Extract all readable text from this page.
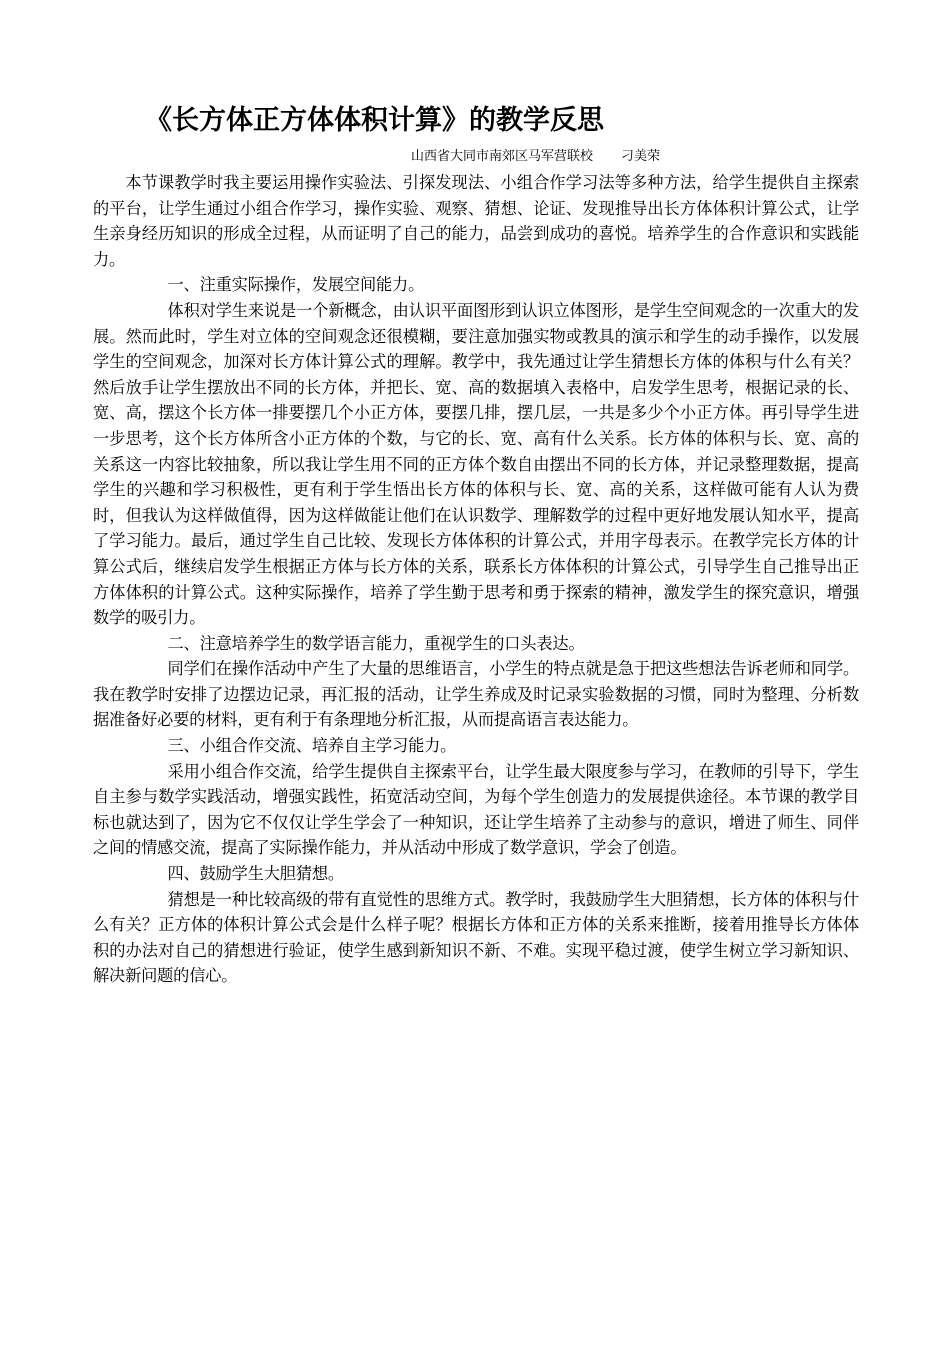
《长方体正方体体积计算》的教学反思
山西省大同市南郊区马军营联校 刁美荣

本节课教学时我主要运用操作实验法、引探发现法、小组合作学习法等多种方法，给学生提供自主探索的平台，让学生通过小组合作学习，操作实验、观察、猜想、论证、发现推导出长方体体积计算公式，让学生亲身经历知识的形成全过程，从而证明了自己的能力，品尝到成功的喜悦。培养学生的合作意识和实践能力。

一、注重实际操作，发展空间能力。

体积对学生来说是一个新概念，由认识平面图形到认识立体图形，是学生空间观念的一次重大的发展。然而此时，学生对立体的空间观念还很模糊，要注意加强实物或教具的演示和学生的动手操作，以发展学生的空间观念，加深对长方体计算公式的理解。教学中，我先通过让学生猜想长方体的体积与什么有关？然后放手让学生摆放出不同的长方体，并把长、宽、高的数据填入表格中，启发学生思考，根据记录的长、宽、高，摆这个长方体一排要摆几个小正方体，要摆几排，摆几层，一共是多少个小正方体。再引导学生进一步思考，这个长方体所含小正方体的个数，与它的长、宽、高有什么关系。长方体的体积与长、宽、高的关系这一内容比较抽象，所以我让学生用不同的正方体个数自由摆出不同的长方体，并记录整理数据，提高学生的兴趣和学习积极性，更有利于学生悟出长方体的体积与长、宽、高的关系，这样做可能有人认为费时，但我认为这样做值得，因为这样做能让他们在认识数学、理解数学的过程中更好地发展认知水平，提高了学习能力。最后，通过学生自己比较、发现长方体体积的计算公式，并用字母表示。在教学完长方体的计算公式后，继续启发学生根据正方体与长方体的关系，联系长方体体积的计算公式，引导学生自己推导出正方体体积的计算公式。这种实际操作，培养了学生勤于思考和勇于探索的精神，激发学生的探究意识，增强数学的吸引力。

二、注意培养学生的数学语言能力，重视学生的口头表达。

同学们在操作活动中产生了大量的思维语言，小学生的特点就是急于把这些想法告诉老师和同学。我在教学时安排了边摆边记录，再汇报的活动，让学生养成及时记录实验数据的习惯，同时为整理、分析数据准备好必要的材料，更有利于有条理地分析汇报，从而提高语言表达能力。

三、小组合作交流、培养自主学习能力。

采用小组合作交流，给学生提供自主探索平台，让学生最大限度参与学习，在教师的引导下，学生自主参与数学实践活动，增强实践性，拓宽活动空间，为每个学生创造力的发展提供途径。本节课的教学目标也就达到了，因为它不仅仅让学生学会了一种知识，还让学生培养了主动参与的意识，增进了师生、同伴之间的情感交流，提高了实际操作能力，并从活动中形成了数学意识，学会了创造。

四、鼓励学生大胆猜想。

猜想是一种比较高级的带有直觉性的思维方式。教学时，我鼓励学生大胆猜想，长方体的体积与什么有关？正方体的体积计算公式会是什么样子呢？根据长方体和正方体的关系来推断，接着用推导长方体体积的办法对自己的猜想进行验证，使学生感到新知识不新、不难。实现平稳过渡，使学生树立学习新知识、解决新问题的信心。
